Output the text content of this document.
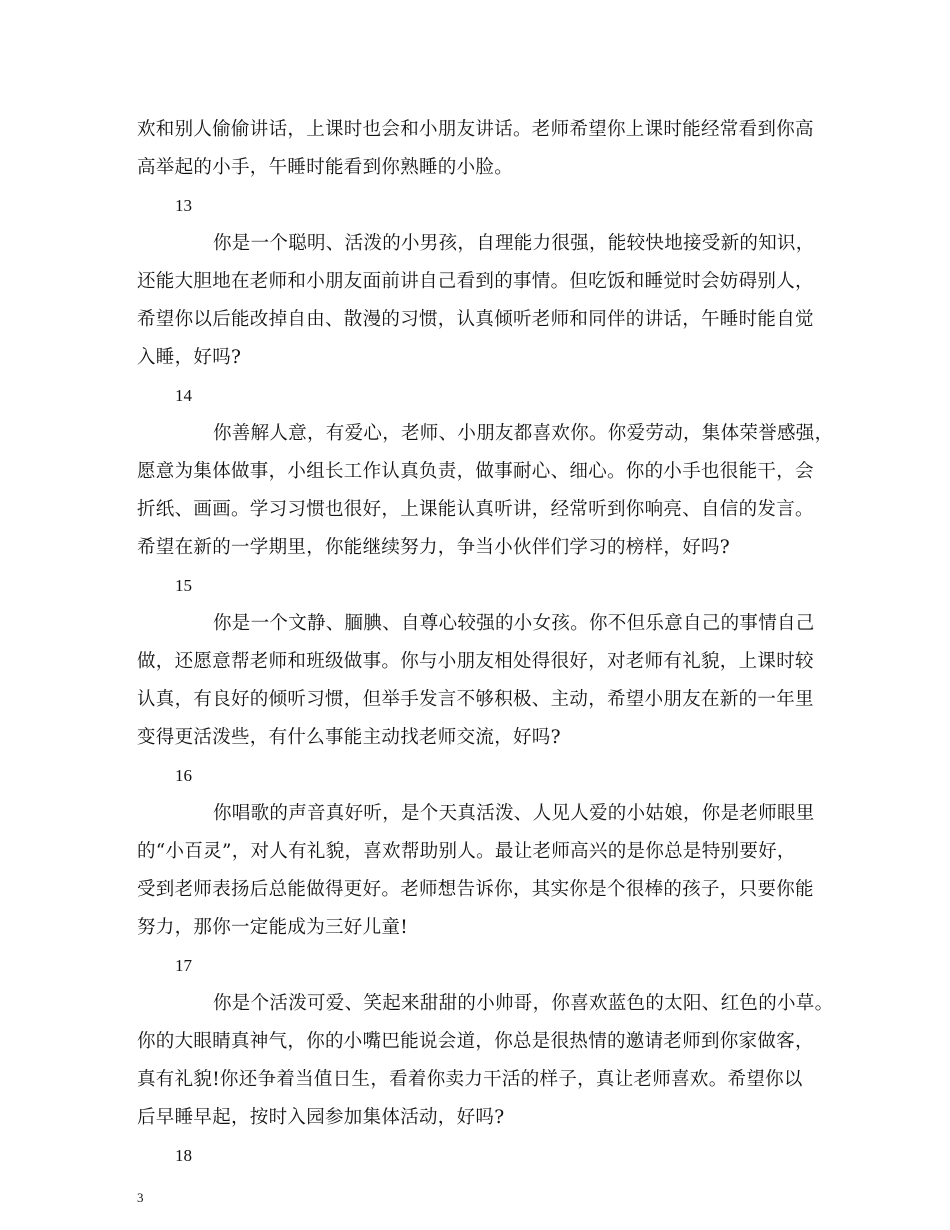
欢和别人偷偷讲话，上课时也会和小朋友讲话。老师希望你上课时能经常看到你高
高举起的小手，午睡时能看到你熟睡的小脸。
13
你是一个聪明、活泼的小男孩，自理能力很强，能较快地接受新的知识，
还能大胆地在老师和小朋友面前讲自己看到的事情。但吃饭和睡觉时会妨碍别人，
希望你以后能改掉自由、散漫的习惯，认真倾听老师和同伴的讲话，午睡时能自觉
入睡，好吗?
14
你善解人意，有爱心，老师、小朋友都喜欢你。你爱劳动，集体荣誉感强，
愿意为集体做事，小组长工作认真负责，做事耐心、细心。你的小手也很能干，会
折纸、画画。学习习惯也很好，上课能认真听讲，经常听到你响亮、自信的发言。
希望在新的一学期里，你能继续努力，争当小伙伴们学习的榜样，好吗?
15
你是一个文静、腼腆、自尊心较强的小女孩。你不但乐意自己的事情自己
做，还愿意帮老师和班级做事。你与小朋友相处得很好，对老师有礼貌，上课时较
认真，有良好的倾听习惯，但举手发言不够积极、主动，希望小朋友在新的一年里
变得更活泼些，有什么事能主动找老师交流，好吗?
16
你唱歌的声音真好听，是个天真活泼、人见人爱的小姑娘，你是老师眼里
的“小百灵”，对人有礼貌，喜欢帮助别人。最让老师高兴的是你总是特别要好，
受到老师表扬后总能做得更好。老师想告诉你，其实你是个很棒的孩子，只要你能
努力，那你一定能成为三好儿童!
17
你是个活泼可爱、笑起来甜甜的小帅哥，你喜欢蓝色的太阳、红色的小草。
你的大眼睛真神气，你的小嘴巴能说会道，你总是很热情的邀请老师到你家做客，
真有礼貌!你还争着当值日生，看着你卖力干活的样子，真让老师喜欢。希望你以
后早睡早起，按时入园参加集体活动，好吗?
18
3
